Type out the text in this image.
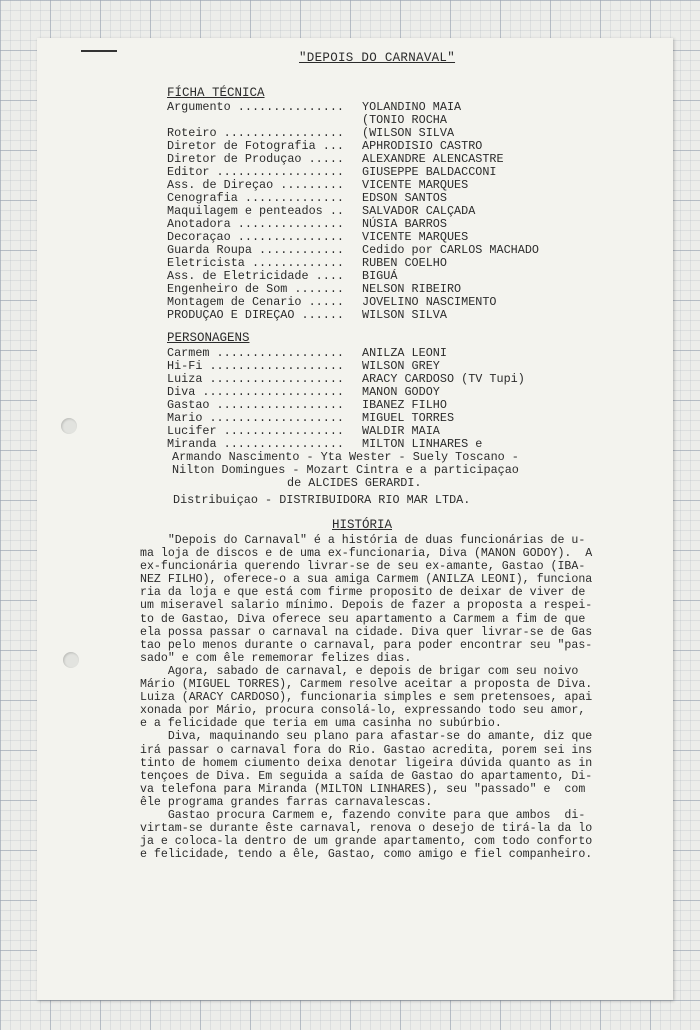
"DEPOIS DO CARNAVAL"
FÍCHA TÉCNICA
Argumento ...............	YOLANDINO MAIA
(TONIO ROCHA
Roteiro .................	(WILSON SILVA
Diretor de Fotografia ...	APHRODISIO CASTRO
Diretor de Produçao .....	ALEXANDRE ALENCASTRE
Editor ..................	GIUSEPPE BALDACCONI
Ass. de Direçao .........	VICENTE MARQUES
Cenografia ..............	EDSON SANTOS
Maquilagem e penteados ..	SALVADOR CALÇADA
Anotadora ...............	NÚSIA BARROS
Decoraçao ...............	VICENTE MARQUES
Guarda Roupa ............	Cedido por CARLOS MACHADO
Eletricista .............	RUBEN COELHO
Ass. de Eletricidade ....	BIGUÁ
Engenheiro de Som .......	NELSON RIBEIRO
Montagem de Cenario .....	JOVELINO NASCIMENTO
PRODUÇAO E DIREÇAO ......	WILSON SILVA
PERSONAGENS
Carmem ..................	ANILZA LEONI
Hi-Fi ...................	WILSON GREY
Luiza ...................	ARACY CARDOSO (TV Tupi)
Diva ....................	MANON GODOY
Gastao ..................	IBANEZ FILHO
Mario ...................	MIGUEL TORRES
Lucifer .................	WALDIR MAIA
Miranda .................	MILTON LINHARES e
Armando Nascimento - Yta Wester - Suely Toscano -
Nilton Domingues - Mozart Cintra e a participaçao
de ALCIDES GERARDI.
Distribuiçao - DISTRIBUIDORA RIO MAR LTDA.
HISTÓRIA
"Depois do Carnaval" é a história de duas funcionárias de u-
ma loja de discos e de uma ex-funcionaria, Diva (MANON GODOY).  A
ex-funcionária querendo livrar-se de seu ex-amante, Gastao (IBA-
NEZ FILHO), oferece-o a sua amiga Carmem (ANILZA LEONI), funciona
ria da loja e que está com firme proposito de deixar de viver de
um miseravel salario mínimo. Depois de fazer a proposta a respei-
to de Gastao, Diva oferece seu apartamento a Carmem a fim de que
ela possa passar o carnaval na cidade. Diva quer livrar-se de Gas
tao pelo menos durante o carnaval, para poder encontrar seu "pas-
sado" e com êle rememorar felizes dias.
Agora, sabado de carnaval, e depois de brigar com seu noivo
Mário (MIGUEL TORRES), Carmem resolve aceitar a proposta de Diva.
Luiza (ARACY CARDOSO), funcionaria simples e sem pretensoes, apai
xonada por Mário, procura consolá-lo, expressando todo seu amor,
e a felicidade que teria em uma casinha no subúrbio.
Diva, maquinando seu plano para afastar-se do amante, diz que
irá passar o carnaval fora do Rio. Gastao acredita, porem sei ins
tinto de homem ciumento deixa denotar ligeira dúvida quanto as in
tençoes de Diva. Em seguida a saída de Gastao do apartamento, Di-
va telefona para Miranda (MILTON LINHARES), seu "passado" e  com
êle programa grandes farras carnavalescas.
Gastao procura Carmem e, fazendo convite para que ambos  di-
virtam-se durante êste carnaval, renova o desejo de tirá-la da lo
ja e coloca-la dentro de um grande apartamento, com todo conforto
e felicidade, tendo a êle, Gastao, como amigo e fiel companheiro.
